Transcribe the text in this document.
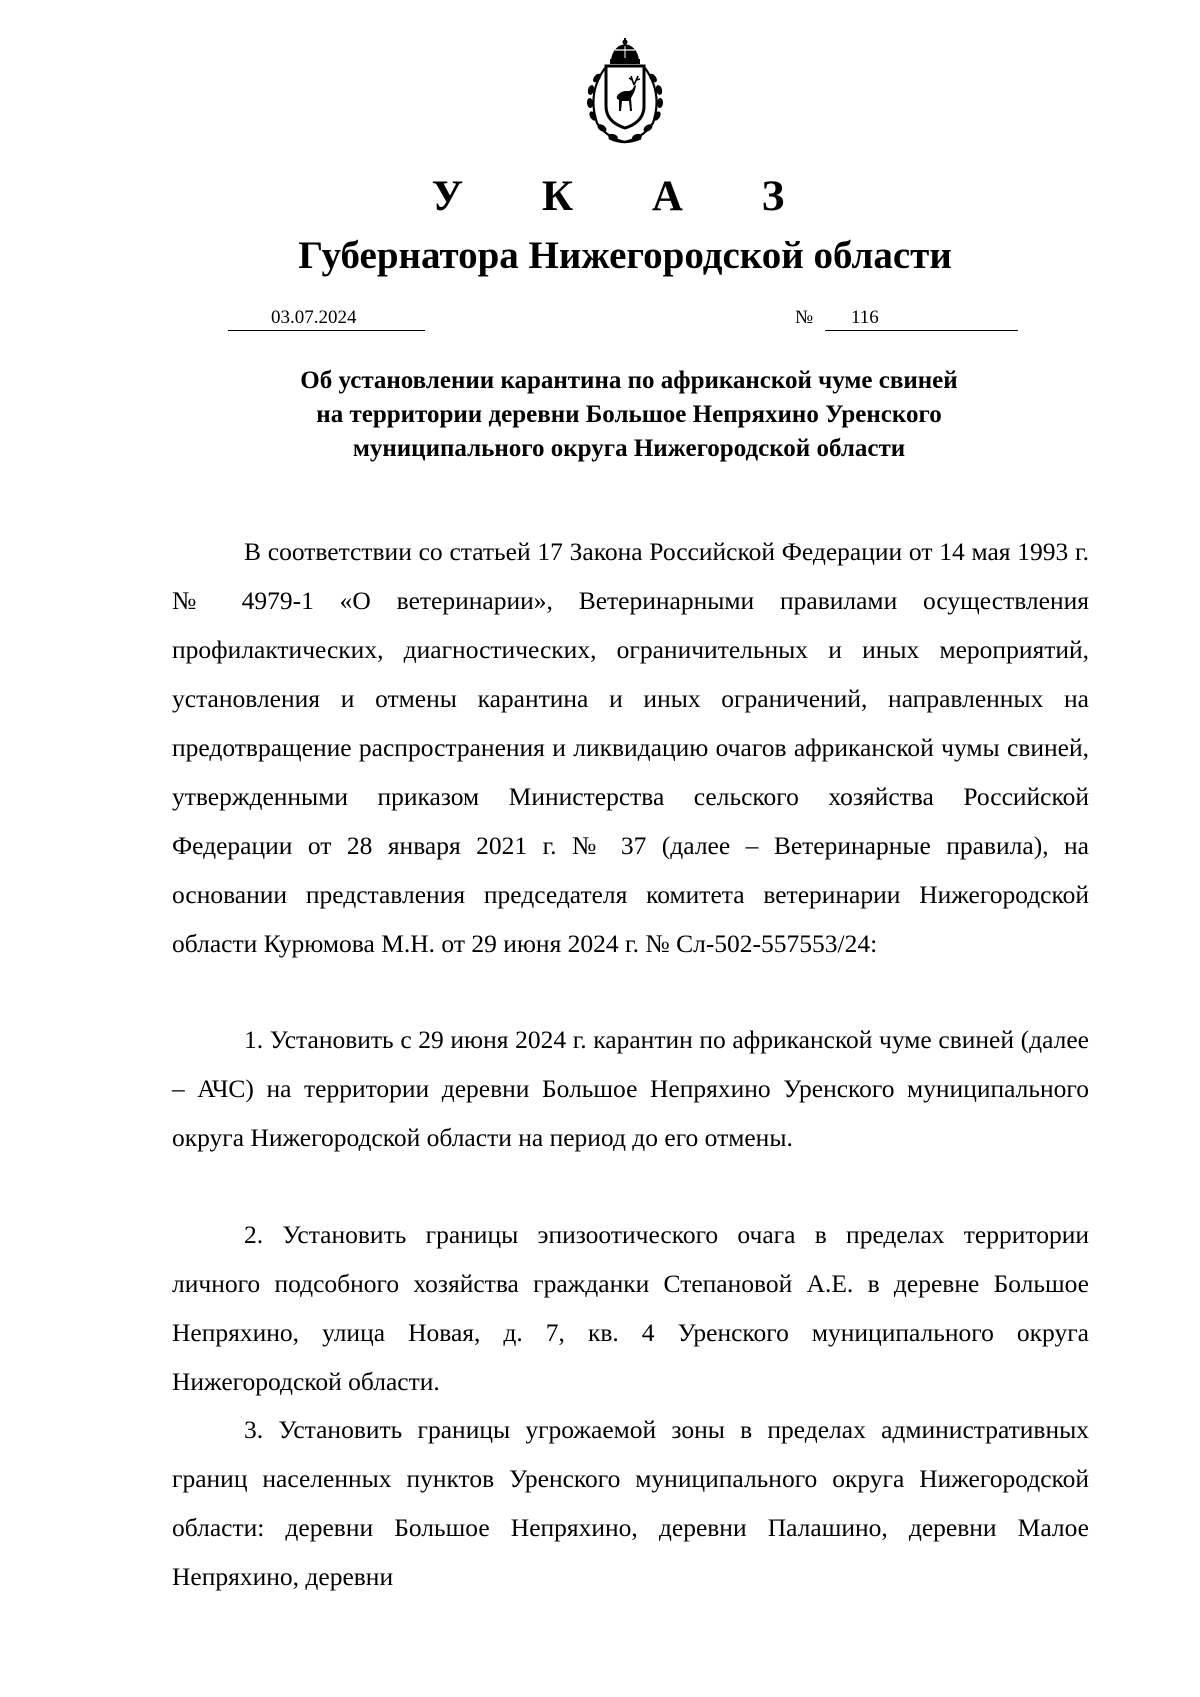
У К А З
Губернатора Нижегородской области
03.07.2024	№ 116
Об установлении карантина по африканской чуме свиней
на территории деревни Большое Непряхино Уренского
муниципального округа Нижегородской области

В соответствии со статьей 17 Закона Российской Федерации от 14 мая 1993 г. № 4979-1 «О ветеринарии», Ветеринарными правилами осуществления профилактических, диагностических, ограничительных и иных мероприятий, установления и отмены карантина и иных ограничений, направленных на предотвращение распространения и ликвидацию очагов африканской чумы свиней, утвержденными приказом Министерства сельского хозяйства Российской Федерации от 28 января 2021 г. № 37 (далее – Ветеринарные правила), на основании представления председателя комитета ветеринарии Нижегородской области Курюмова М.Н. от 29 июня 2024 г. № Сл-502-557553/24:

1. Установить с 29 июня 2024 г. карантин по африканской чуме свиней (далее – АЧС) на территории деревни Большое Непряхино Уренского муниципального округа Нижегородской области на период до его отмены.

2. Установить границы эпизоотического очага в пределах территории личного подсобного хозяйства гражданки Степановой А.Е. в деревне Большое Непряхино, улица Новая, д. 7, кв. 4 Уренского муниципального округа Нижегородской области.

3. Установить границы угрожаемой зоны в пределах административных границ населенных пунктов Уренского муниципального округа Нижегородской области: деревни Большое Непряхино, деревни Палашино, деревни Малое Непряхино, деревни
